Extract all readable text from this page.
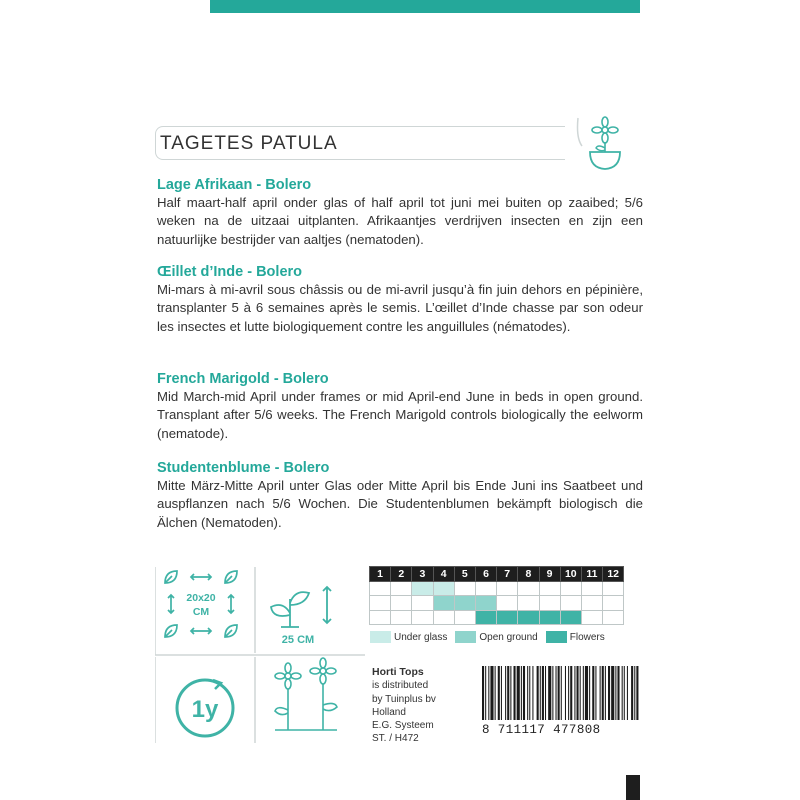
TAGETES PATULA
Lage Afrikaan - Bolero

Half maart-half april onder glas of half april tot juni mei buiten op zaaibed; 5/6 weken na de uitzaai uitplanten. Afrikaantjes verdrijven insecten en zijn een natuurlijke bestrijder van aaltjes (nematoden).

Œillet d’Inde - Bolero

Mi-mars à mi-avril sous châssis ou de mi-avril jusqu’à fin juin dehors en pépinière, transplanter 5 à 6 semaines après le semis. L’œillet d’Inde chasse par son odeur les insectes et lutte biologiquement contre les anguillules (nématodes).

French Marigold - Bolero

Mid March-mid April under frames or mid April-end June in beds in open ground. Transplant after 5/6 weeks. The French Marigold controls biologically the eelworm (nematode).

Studentenblume - Bolero

Mitte März-Mitte April unter Glas oder Mitte April bis Ende Juni ins Saatbeet und auspflanzen nach 5/6 Wochen. Die Studentenblumen bekämpft biologisch die Älchen (Nematoden).

20x20
CM
25 CM
1y
1	2	3	4	5	6	7	8	9	10	11	12

Under glass	Open ground	Flowers
Horti Tops
is distributed
by Tuinplus bv
Holland
E.G. Systeem
ST. / H472
8 711117 477808
